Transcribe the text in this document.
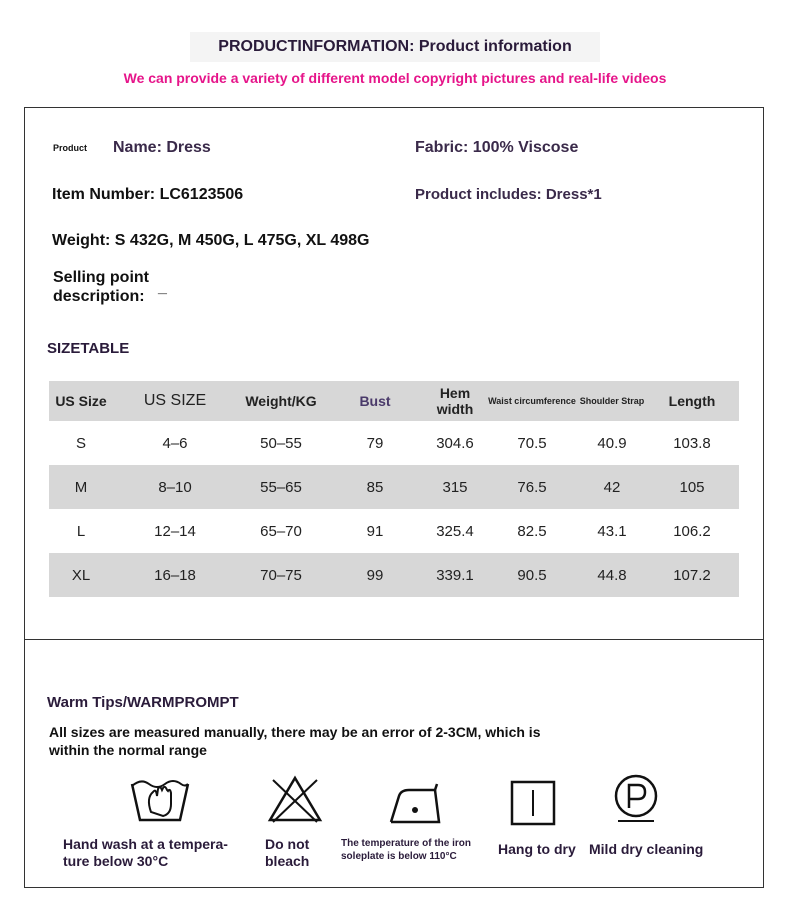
PRODUCTINFORMATION: Product information
We can provide a variety of different model copyright pictures and real-life videos
Product Name: Dress	Fabric: 100% Viscose
Item Number: LC6123506	Product includes: Dress*1
Weight: S 432G, M 450G, L 475G, XL 498G
Selling point description:
_
SIZETABLE
US Size	US SIZE	Weight/KG	Bust	Hem width	Waist circumference	Shoulder Strap	Length
S	4–6	50–55	79	304.6	70.5	40.9	103.8
M	8–10	55–65	85	315	76.5	42	105
L	12–14	65–70	91	325.4	82.5	43.1	106.2
XL	16–18	70–75	99	339.1	90.5	44.8	107.2
Warm Tips/WARMPROMPT
All sizes are measured manually, there may be an error of 2-3CM, which is within the normal range
Hand wash at a tempera-ture below 30°C
Do not bleach
The temperature of the iron soleplate is below 110°C	Hang to dry Mild dry cleaning
